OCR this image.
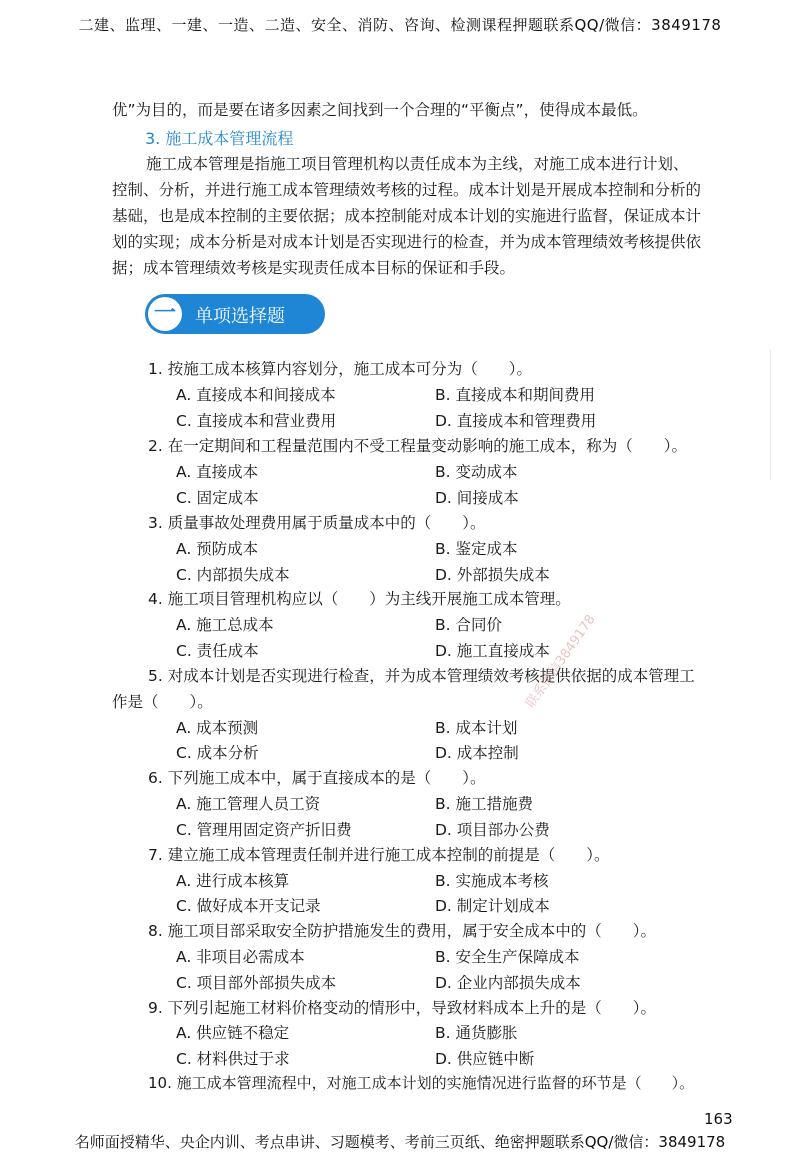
二建、监理、一建、一造、二造、安全、消防、咨询、检测课程押题联系QQ/微信：3849178
优”为目的，而是要在诸多因素之间找到一个合理的“平衡点”，使得成本最低。
3. 施工成本管理流程
施工成本管理是指施工项目管理机构以责任成本为主线，对施工成本进行计划、
控制、分析，并进行施工成本管理绩效考核的过程。成本计划是开展成本控制和分析的
基础，也是成本控制的主要依据；成本控制能对成本计划的实施进行监督，保证成本计
划的实现；成本分析是对成本计划是否实现进行的检查，并为成本管理绩效考核提供依
据；成本管理绩效考核是实现责任成本目标的保证和手段。
一	单项选择题
1. 按施工成本核算内容划分，施工成本可分为（　　）。
A. 直接成本和间接成本	B. 直接成本和期间费用
C. 直接成本和营业费用	D. 直接成本和管理费用
2. 在一定期间和工程量范围内不受工程量变动影响的施工成本，称为（　　）。
A. 直接成本	B. 变动成本
C. 固定成本	D. 间接成本
3. 质量事故处理费用属于质量成本中的（　　）。
A. 预防成本	B. 鉴定成本
C. 内部损失成本	D. 外部损失成本
4. 施工项目管理机构应以（　　）为主线开展施工成本管理。
A. 施工总成本	B. 合同价
C. 责任成本	D. 施工直接成本
5. 对成本计划是否实现进行检查，并为成本管理绩效考核提供依据的成本管理工
作是（　　）。
A. 成本预测	B. 成本计划
C. 成本分析	D. 成本控制
6. 下列施工成本中，属于直接成本的是（　　）。
A. 施工管理人员工资	B. 施工措施费
C. 管理用固定资产折旧费	D. 项目部办公费
7. 建立施工成本管理责任制并进行施工成本控制的前提是（　　）。
A. 进行成本核算	B. 实施成本考核
C. 做好成本开支记录	D. 制定计划成本
8. 施工项目部采取安全防护措施发生的费用，属于安全成本中的（　　）。
A. 非项目必需成本	B. 安全生产保障成本
C. 项目部外部损失成本	D. 企业内部损失成本
9. 下列引起施工材料价格变动的情形中，导致材料成本上升的是（　　）。
A. 供应链不稳定	B. 通货膨胀
C. 材料供过于求	D. 供应链中断
10. 施工成本管理流程中，对施工成本计划的实施情况进行监督的环节是（　　）。
联系微信3849178
163
名师面授精华、央企内训、考点串讲、习题模考、考前三页纸、绝密押题联系QQ/微信：3849178
